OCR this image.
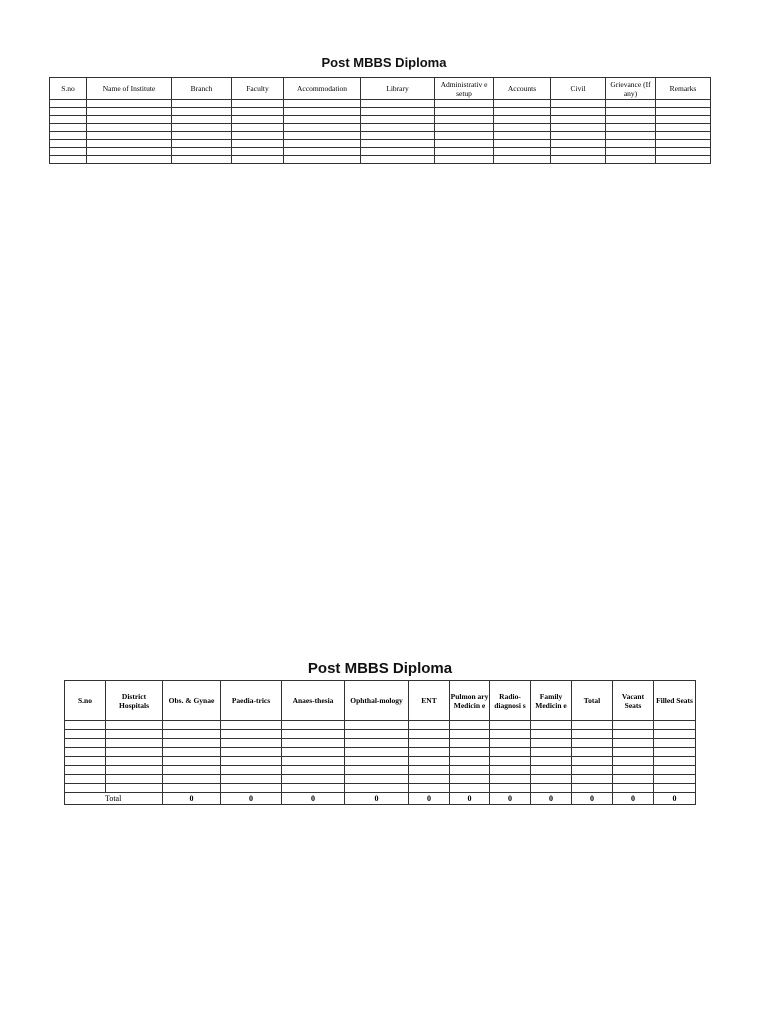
Post MBBS Diploma
S.no	Name of Institute	Branch	Faculty	Accommodation	Library	Administrativ e setup	Accounts	Civil	Grievance (If any)	Remarks

Post MBBS Diploma
S.no	District Hospitals	Obs. & Gynae	Paedia-trics	Anaes-thesia	Ophthal-mology	ENT	Pulmon ary Medicin e	Radio-diagnosi s	Family Medicin e	Total	Vacant Seats	Filled Seats

Total		0	0	0	0	0	0	0	0	0	0	0
